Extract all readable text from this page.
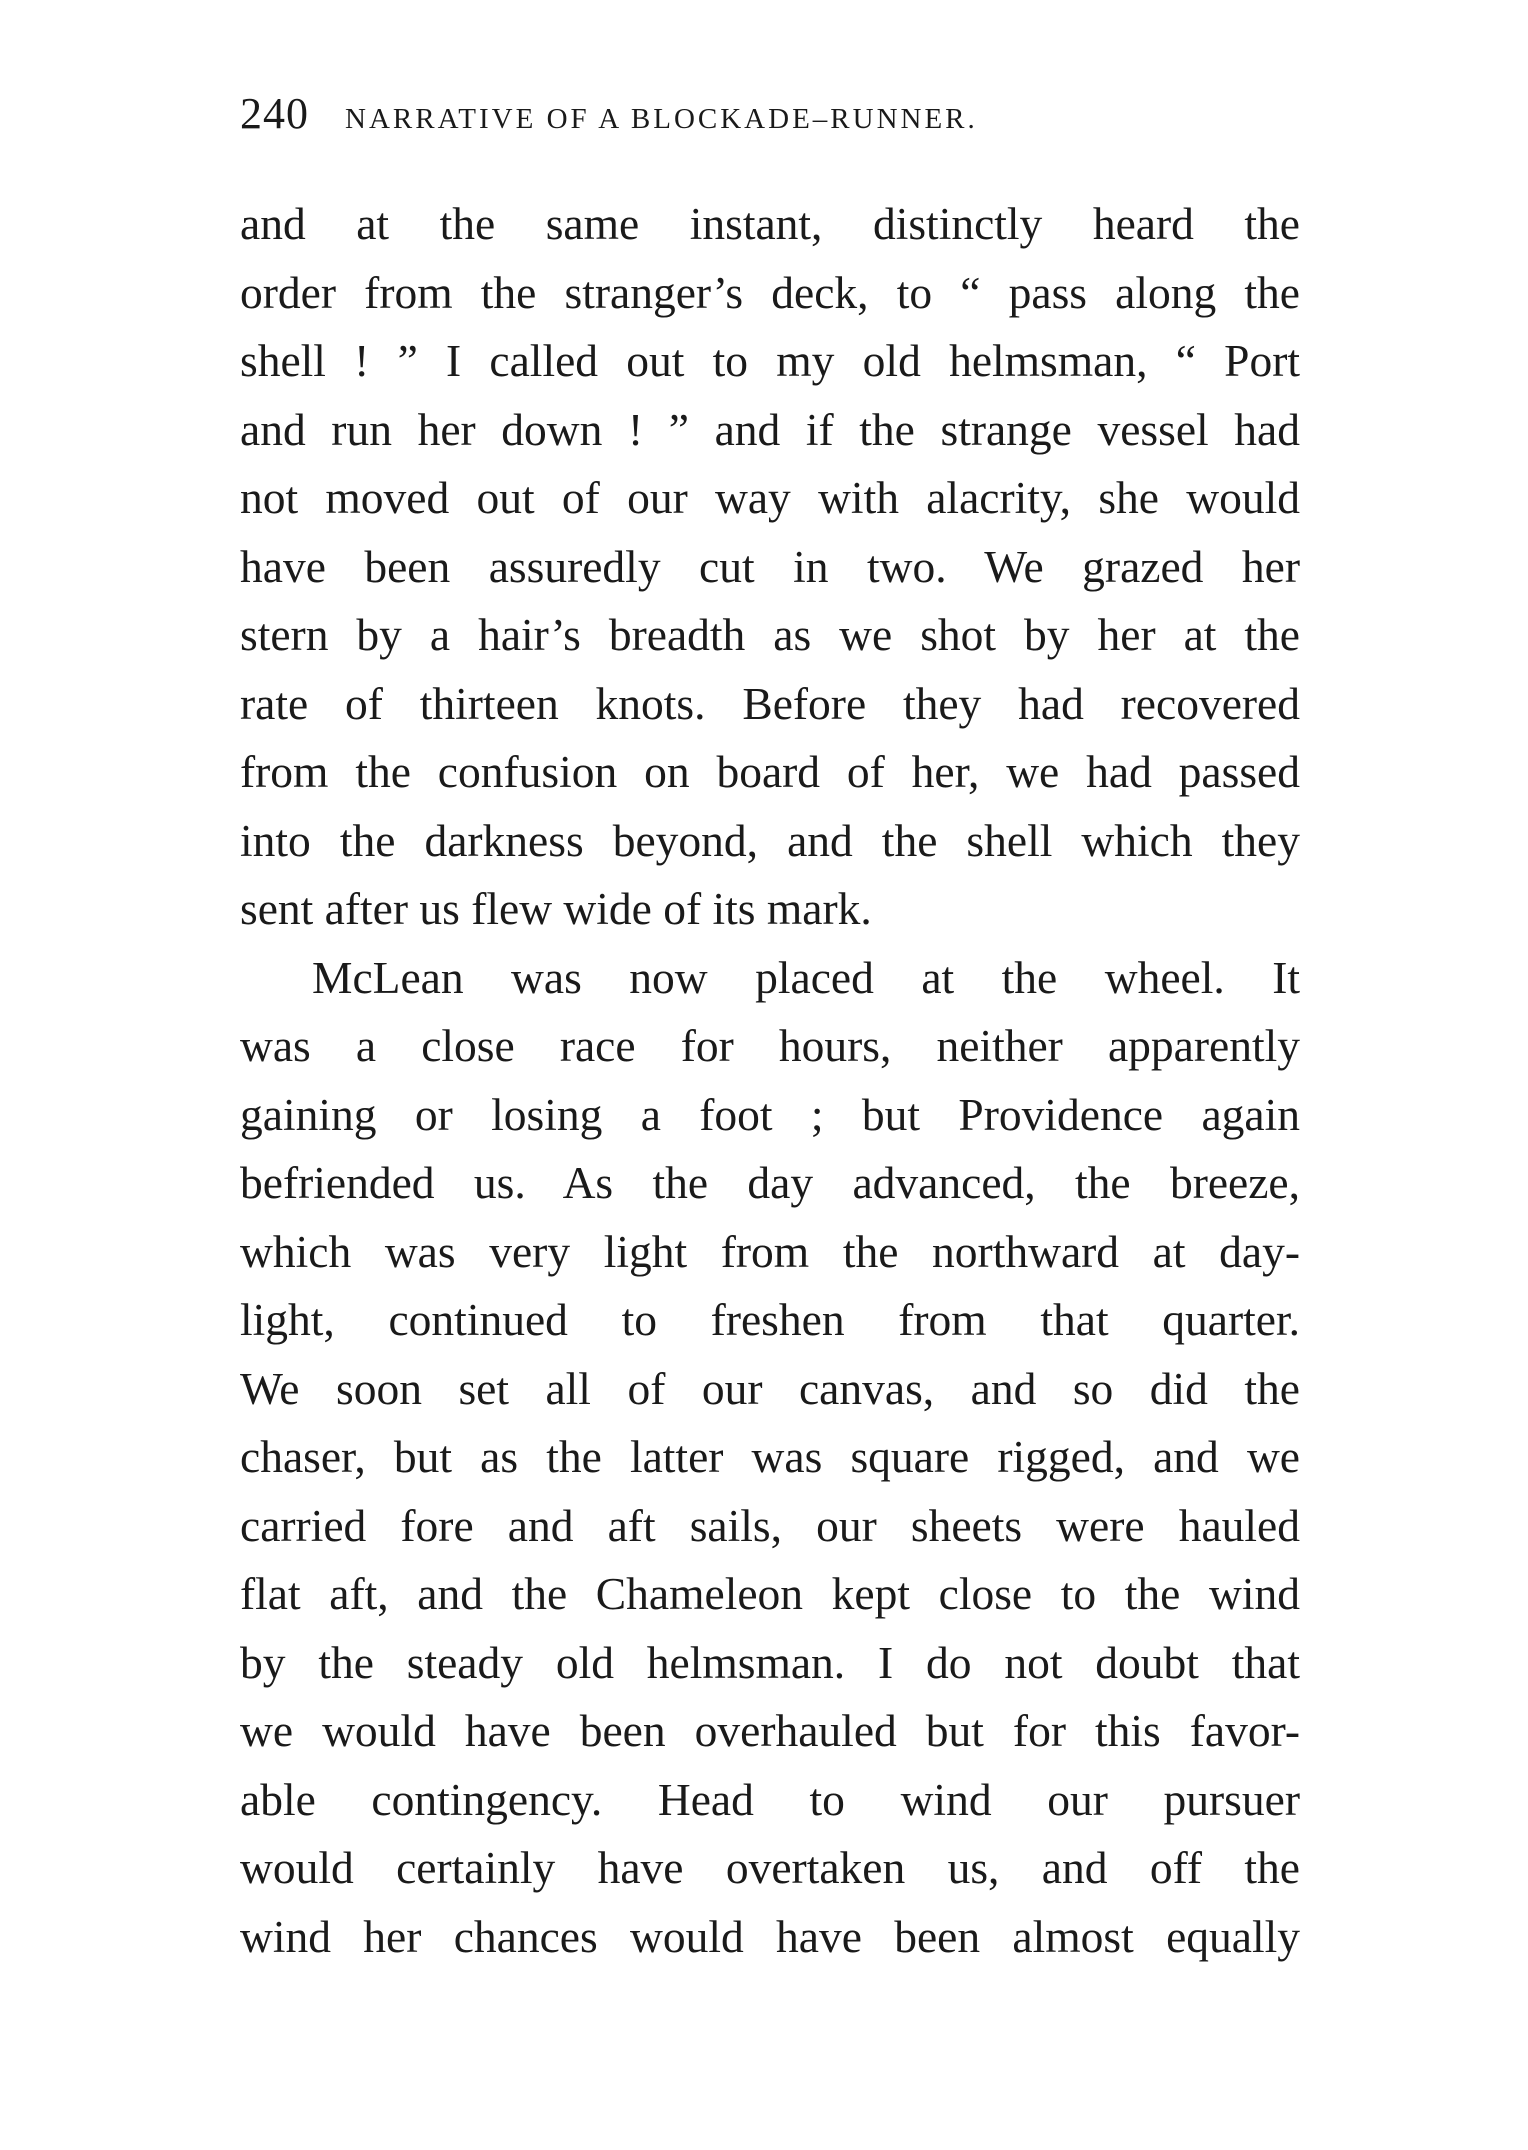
240 NARRATIVE OF A BLOCKADE–RUNNER.
and at the same instant, distinctly heard the
order from the stranger’s deck, to “ pass along the
shell ! ” I called out to my old helmsman, “ Port
and run her down ! ” and if the strange vessel had
not moved out of our way with alacrity, she would
have been assuredly cut in two. We grazed her
stern by a hair’s breadth as we shot by her at the
rate of thirteen knots. Before they had recovered
from the confusion on board of her, we had passed
into the darkness beyond, and the shell which they
sent after us flew wide of its mark.
McLean was now placed at the wheel. It
was a close race for hours, neither apparently
gaining or losing a foot ; but Providence again
befriended us. As the day advanced, the breeze,
which was very light from the northward at day-
light, continued to freshen from that quarter.
We soon set all of our canvas, and so did the
chaser, but as the latter was square rigged, and we
carried fore and aft sails, our sheets were hauled
flat aft, and the Chameleon kept close to the wind
by the steady old helmsman. I do not doubt that
we would have been overhauled but for this favor-
able contingency. Head to wind our pursuer
would certainly have overtaken us, and off the
wind her chances would have been almost equally
